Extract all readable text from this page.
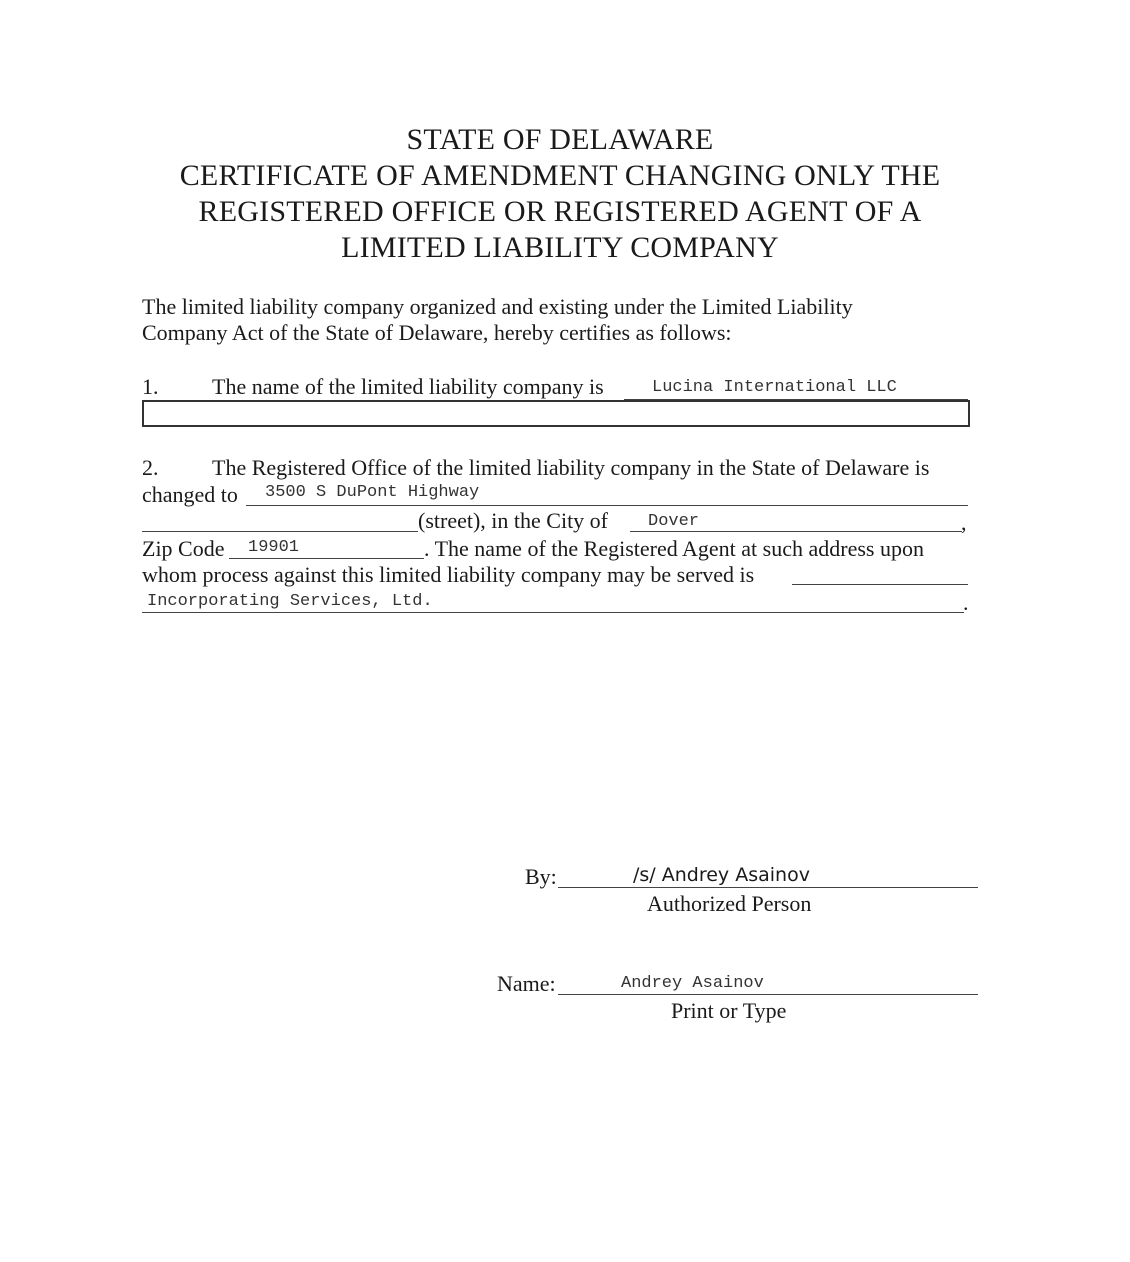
STATE OF DELAWARE
CERTIFICATE OF AMENDMENT CHANGING ONLY THE
REGISTERED OFFICE OR REGISTERED AGENT OF A
LIMITED LIABILITY COMPANY
The limited liability company organized and existing under the Limited Liability
Company Act of the State of Delaware, hereby certifies as follows:
1. The name of the limited liability company is	Lucina International LLC
2. The Registered Office of the limited liability company in the State of Delaware is
changed to 3500 S DuPont Highway
(street), in the City of Dover	,
Zip Code 19901	. The name of the Registered Agent at such address upon
whom process against this limited liability company may be served is
Incorporating Services, Ltd.	.
By:	/s/ Andrey Asainov
Authorized Person
Name:	Andrey Asainov
Print or Type
